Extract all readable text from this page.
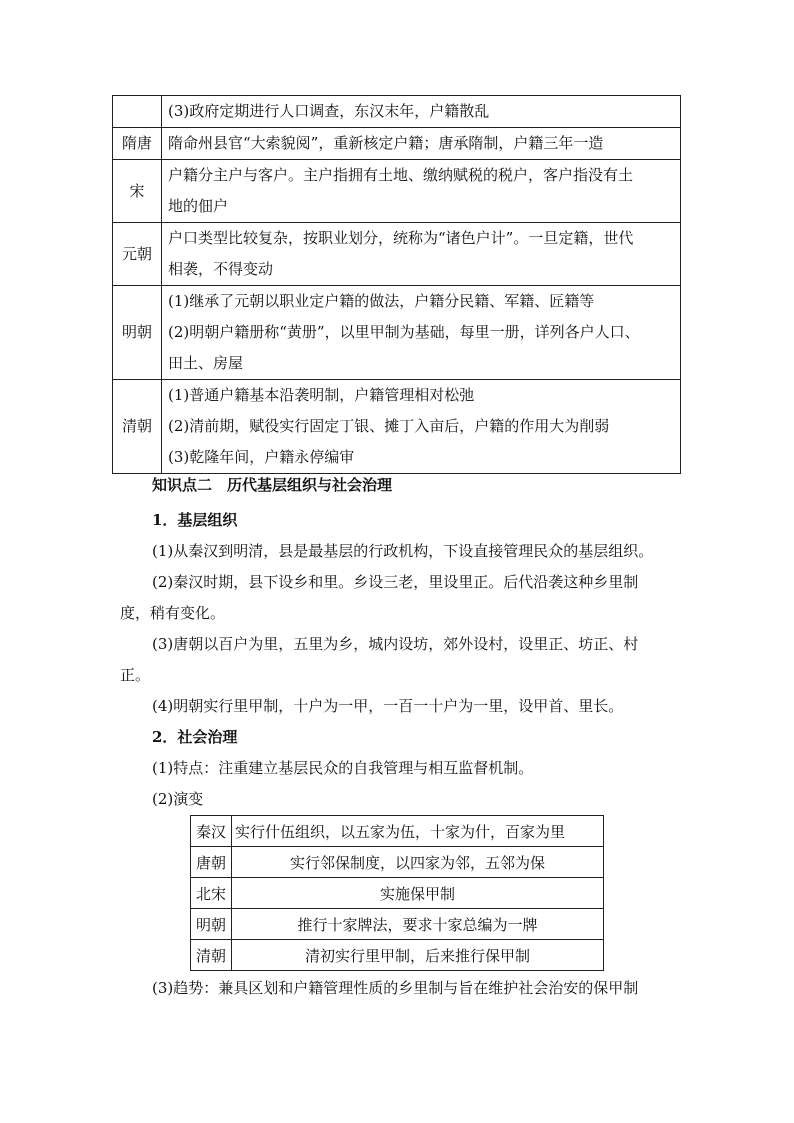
	(3)政府定期进行人口调查，东汉末年，户籍散乱

隋唐	隋命州县官“大索貌阅”，重新核定户籍；唐承隋制，户籍三年一造

宋	户籍分主户与客户。主户指拥有土地、缴纳赋税的税户，客户指没有土
地的佃户

元朝	户口类型比较复杂，按职业划分，统称为“诸色户计”。一旦定籍，世代
相袭，不得变动

明朝	(1)继承了元朝以职业定户籍的做法，户籍分民籍、军籍、匠籍等
(2)明朝户籍册称“黄册”，以里甲制为基础，每里一册，详列各户人口、
田土、房屋

清朝	(1)普通户籍基本沿袭明制，户籍管理相对松弛
(2)清前期，赋役实行固定丁银、摊丁入亩后，户籍的作用大为削弱
(3)乾隆年间，户籍永停编审
知识点二　历代基层组织与社会治理
1．基层组织
(1)从秦汉到明清，县是最基层的行政机构，下设直接管理民众的基层组织。
(2)秦汉时期，县下设乡和里。乡设三老，里设里正。后代沿袭这种乡里制
度，稍有变化。
(3)唐朝以百户为里，五里为乡，城内设坊，郊外设村，设里正、坊正、村
正。
(4)明朝实行里甲制，十户为一甲，一百一十户为一里，设甲首、里长。
2．社会治理
(1)特点：注重建立基层民众的自我管理与相互监督机制。
(2)演变
秦汉	实行什伍组织，以五家为伍，十家为什，百家为里
唐朝	实行邻保制度，以四家为邻，五邻为保
北宋	实施保甲制
明朝	推行十家牌法，要求十家总编为一牌
清朝	清初实行里甲制，后来推行保甲制
(3)趋势：兼具区划和户籍管理性质的乡里制与旨在维护社会治安的保甲制
